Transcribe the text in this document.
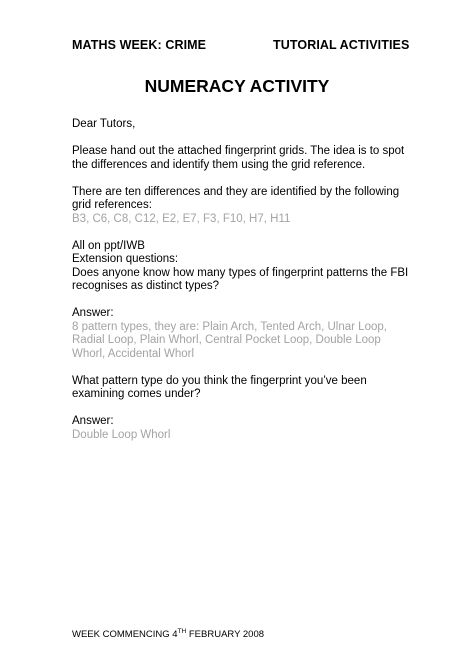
MATHS WEEK: CRIME	TUTORIAL ACTIVITIES
NUMERACY ACTIVITY

Dear Tutors,

Please hand out the attached fingerprint grids. The idea is to spot
the differences and identify them using the grid reference.

There are ten differences and they are identified by the following
grid references:
B3, C6, C8, C12, E2, E7, F3, F10, H7, H11

All on ppt/IWB
Extension questions:
Does anyone know how many types of fingerprint patterns the FBI
recognises as distinct types?

Answer:
8 pattern types, they are: Plain Arch, Tented Arch, Ulnar Loop,
Radial Loop, Plain Whorl, Central Pocket Loop, Double Loop
Whorl, Accidental Whorl

What pattern type do you think the fingerprint you’ve been
examining comes under?

Answer:
Double Loop Whorl

WEEK COMMENCING 4TH FEBRUARY 2008
